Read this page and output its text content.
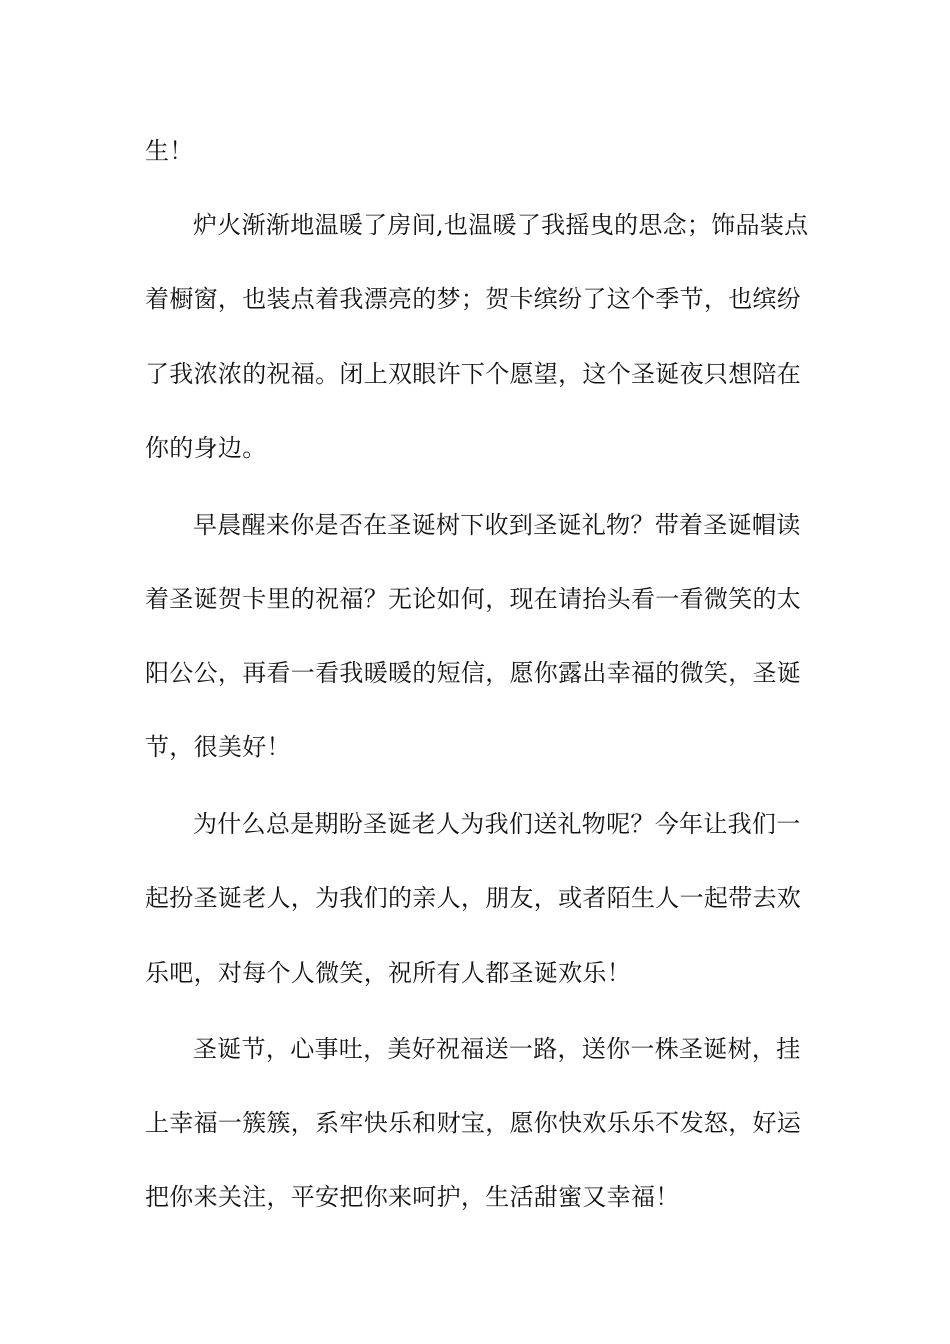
生！
炉火渐渐地温暖了房间,也温暖了我摇曳的思念；饰品装点
着橱窗，也装点着我漂亮的梦；贺卡缤纷了这个季节，也缤纷
了我浓浓的祝福。闭上双眼许下个愿望，这个圣诞夜只想陪在
你的身边。
早晨醒来你是否在圣诞树下收到圣诞礼物？带着圣诞帽读
着圣诞贺卡里的祝福？无论如何，现在请抬头看一看微笑的太
阳公公，再看一看我暖暖的短信，愿你露出幸福的微笑，圣诞
节，很美好！
为什么总是期盼圣诞老人为我们送礼物呢？今年让我们一
起扮圣诞老人，为我们的亲人，朋友，或者陌生人一起带去欢
乐吧，对每个人微笑，祝所有人都圣诞欢乐！
圣诞节，心事吐，美好祝福送一路，送你一株圣诞树，挂
上幸福一簇簇，系牢快乐和财宝，愿你快欢乐乐不发怒，好运
把你来关注，平安把你来呵护，生活甜蜜又幸福！
